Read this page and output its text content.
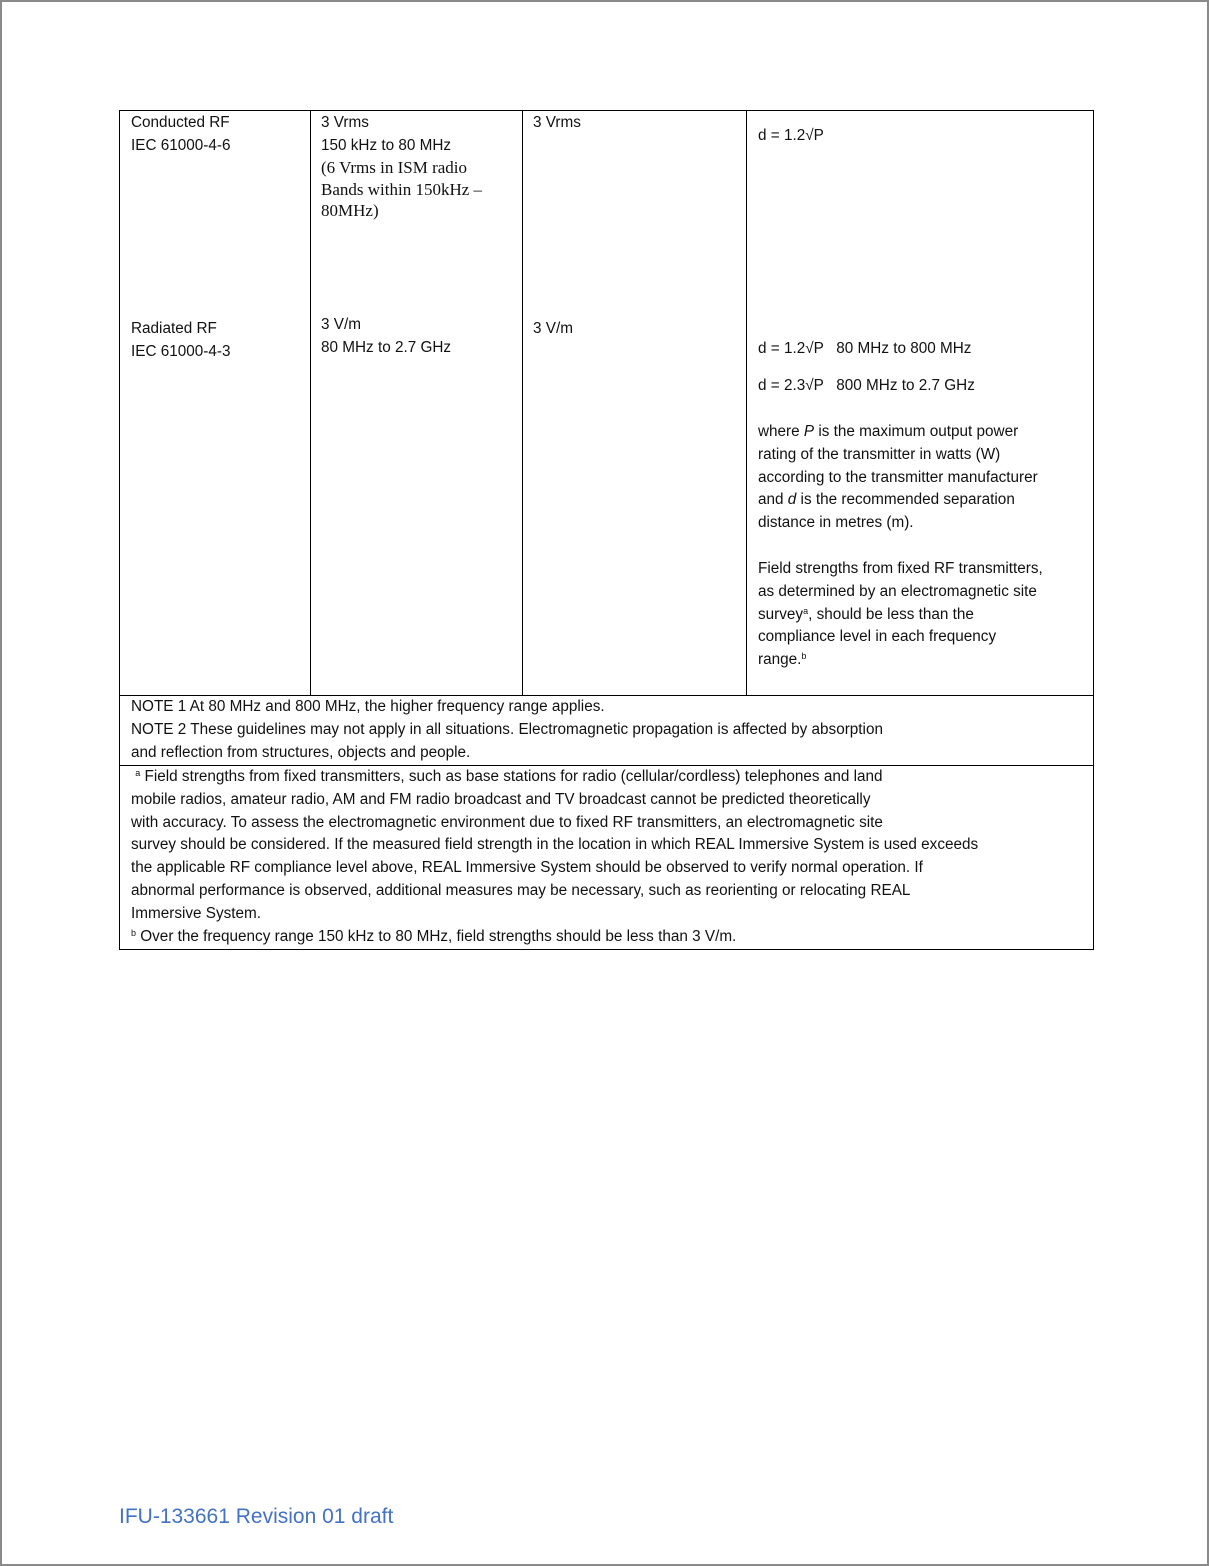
Conducted RF
IEC 61000-4-6
3 Vrms
150 kHz to 80 MHz
(6 Vrms in ISM radio
Bands within 150kHz –
80MHz)
3 Vrms
d = 1.2√P
Radiated RF
IEC 61000-4-3
3 V/m
80 MHz to 2.7 GHz
3 V/m
d = 1.2√P   80 MHz to 800 MHz
d = 2.3√P   800 MHz to 2.7 GHz
where P is the maximum output power
rating of the transmitter in watts (W)
according to the transmitter manufacturer
and d is the recommended separation
distance in metres (m).
Field strengths from fixed RF transmitters,
as determined by an electromagnetic site
survey$^a$, should be less than the
compliance level in each frequency
range.$^b$
NOTE 1 At 80 MHz and 800 MHz, the higher frequency range applies.
NOTE 2 These guidelines may not apply in all situations. Electromagnetic propagation is affected by absorption
and reflection from structures, objects and people.
$^a$ Field strengths from fixed transmitters, such as base stations for radio (cellular/cordless) telephones and land
mobile radios, amateur radio, AM and FM radio broadcast and TV broadcast cannot be predicted theoretically
with accuracy. To assess the electromagnetic environment due to fixed RF transmitters, an electromagnetic site
survey should be considered. If the measured field strength in the location in which REAL Immersive System is used exceeds
the applicable RF compliance level above, REAL Immersive System should be observed to verify normal operation. If
abnormal performance is observed, additional measures may be necessary, such as reorienting or relocating REAL
Immersive System.
$^b$ Over the frequency range 150 kHz to 80 MHz, field strengths should be less than 3 V/m.
IFU-133661 Revision 01 draft
